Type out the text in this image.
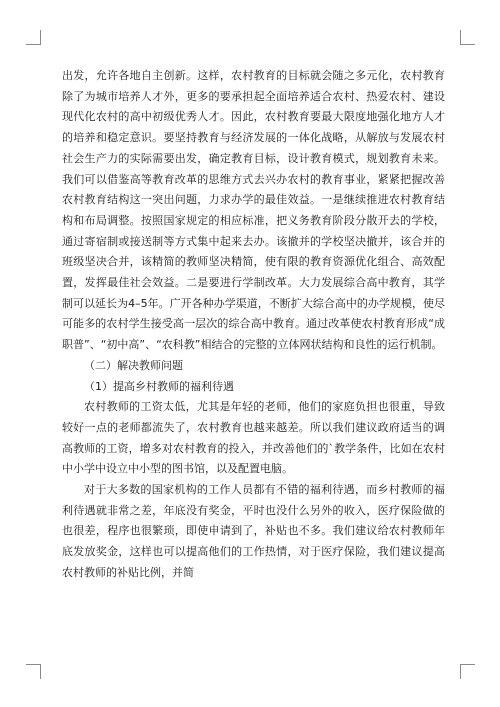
出发，允许各地自主创新。这样，农村教育的目标就会随之多元化，农村教育除了为城市培养人才外，更多的要承担起全面培养适合农村、热爱农村、建设现代化农村的高中初级优秀人才。因此，农村教育要最大限度地强化地方人才的培养和稳定意识。要坚持教育与经济发展的一体化战略，从解放与发展农村社会生产力的实际需要出发，确定教育目标，设计教育模式，规划教育未来。我们可以借鉴高等教育改革的思维方式去兴办农村的教育事业，紧紧把握改善农村教育结构这一突出问题，力求办学的最佳效益。一是继续推进农村教育结构和布局调整。按照国家规定的相应标准，把义务教育阶段分散开去的学校，通过寄宿制或接送制等方式集中起来去办。该撤并的学校坚决撤并，该合并的班级坚决合并，该精简的教师坚决精简，使有限的教育资源优化组合、高效配置，发挥最佳社会效益。二是要进行学制改革。大力发展综合高中教育，其学制可以延长为4–5年。广开各种办学渠道，不断扩大综合高中的办学规模，使尽可能多的农村学生接受高一层次的综合高中教育。通过改革使农村教育形成“成职普”、“初中高”、“农科教”相结合的完整的立体网状结构和良性的运行机制。

（二）解决教师问题

（1）提高乡村教师的福利待遇

农村教师的工资太低，尤其是年轻的老师，他们的家庭负担也很重，导致较好一点的老师都流失了，农村教育也越来越差。所以我们建议政府适当的调高教师的工资，增多对农村教育的投入，并改善他们的`教学条件，比如在农村中小学中设立中小型的图书馆，以及配置电脑。

对于大多数的国家机构的工作人员都有不错的福利待遇，而乡村教师的福利待遇就非常之差，年底没有奖金，平时也没什么另外的收入，医疗保险做的也很差，程序也很繁琐，即使申请到了，补贴也不多。我们建议给农村教师年底发放奖金，这样也可以提高他们的工作热情，对于医疗保险，我们建议提高农村教师的补贴比例，并简
